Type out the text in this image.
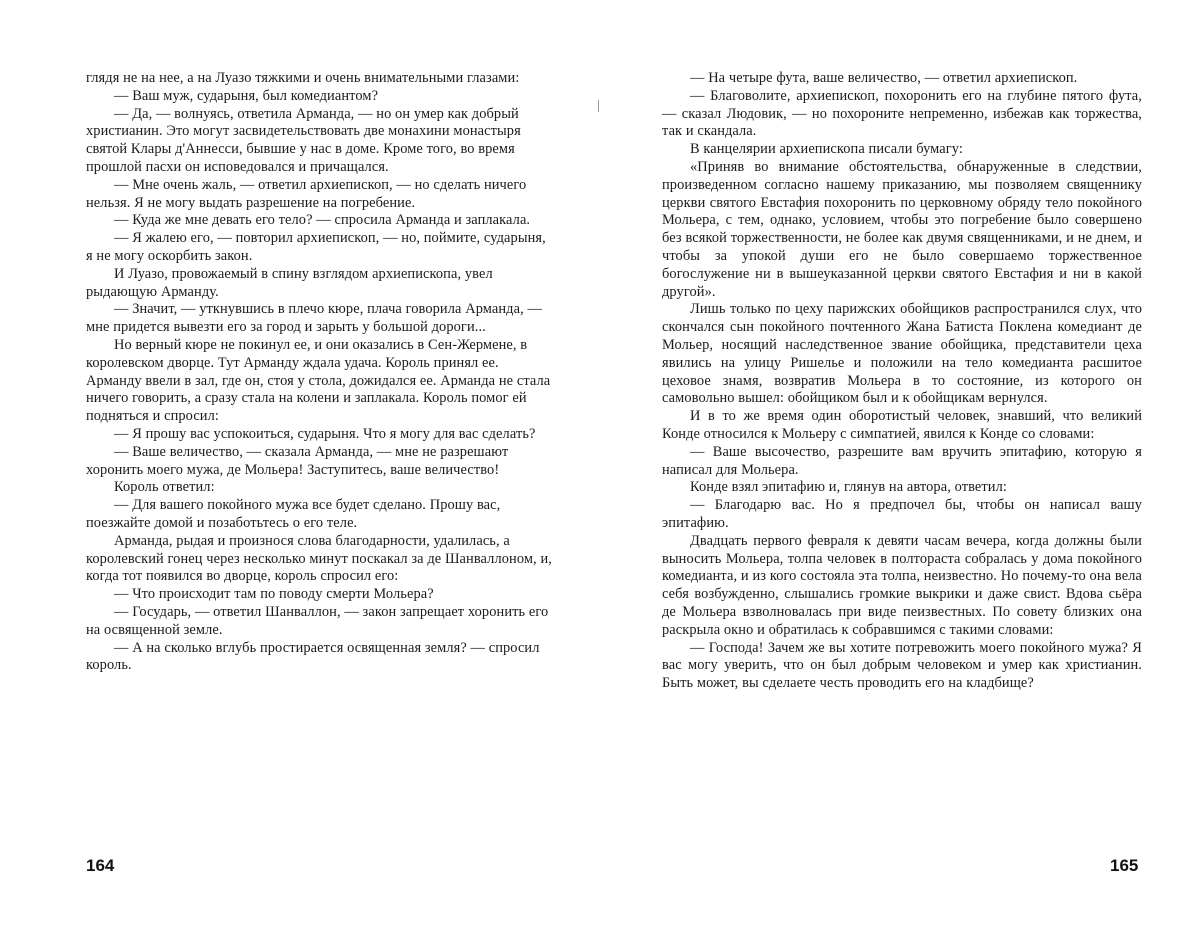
глядя не на нее, а на Луазо тяжкими и очень внимательными глазами:

— Ваш муж, сударыня, был комедиантом?

— Да, — волнуясь, ответила Арманда, — но он умер как добрый христианин. Это могут засвидетельствовать две монахини монастыря святой Клары д'Аннесси, бывшие у нас в доме. Кроме того, во время прошлой пасхи он исповедовался и причащался.

— Мне очень жаль, — ответил архиепископ, — но сделать ничего нельзя. Я не могу выдать разрешение на погребение.

— Куда же мне девать его тело? — спросила Арманда и заплакала.

— Я жалею его, — повторил архиепископ, — но, поймите, сударыня, я не могу оскорбить закон.

И Луазо, провожаемый в спину взглядом архиепископа, увел рыдающую Арманду.

— Значит, — уткнувшись в плечо кюре, плача говорила Арманда, — мне придется вывезти его за город и зарыть у большой дороги...

Но верный кюре не покинул ее, и они оказались в Сен-Жермене, в королевском дворце. Тут Арманду ждала удача. Король принял ее. Арманду ввели в зал, где он, стоя у стола, дожидался ее. Арманда не стала ничего говорить, а сразу стала на колени и заплакала. Король помог ей подняться и спросил:

— Я прошу вас успокоиться, сударыня. Что я могу для вас сделать?

— Ваше величество, — сказала Арманда, — мне не разрешают хоронить моего мужа, де Мольера! Заступитесь, ваше величество!

Король ответил:

— Для вашего покойного мужа все будет сделано. Прошу вас, поезжайте домой и позаботьтесь о его теле.

Арманда, рыдая и произнося слова благодарности, удалилась, а королевский гонец через несколько минут поскакал за де Шанваллоном, и, когда тот появился во дворце, король спросил его:

— Что происходит там по поводу смерти Мольера?

— Государь, — ответил Шанваллон, — закон запрещает хоронить его на освященной земле.

— А на сколько вглубь простирается освященная земля? — спросил король.

— На четыре фута, ваше величество, — ответил архиепископ.

— Благоволите, архиепископ, похоронить его на глубине пятого фута, — сказал Людовик, — но похороните непременно, избежав как торжества, так и скандала.

В канцелярии архиепископа писали бумагу:

«Приняв во внимание обстоятельства, обнаруженные в следствии, произведенном согласно нашему приказанию, мы позволяем священнику церкви святого Евстафия похоронить по церковному обряду тело покойного Мольера, с тем, однако, условием, чтобы это погребение было совершено без всякой торжественности, не более как двумя священниками, и не днем, и чтобы за упокой души его не было совершаемо торжественное богослужение ни в вышеуказанной церкви святого Евстафия и ни в какой другой».

Лишь только по цеху парижских обойщиков распространился слух, что скончался сын покойного почтенного Жана Батиста Поклена комедиант де Мольер, носящий наследственное звание обойщика, представители цеха явились на улицу Ришелье и положили на тело комедианта расшитое цеховое знамя, возвратив Мольера в то состояние, из которого он самовольно вышел: обойщиком был и к обойщикам вернулся.

И в то же время один оборотистый человек, знавший, что великий Конде относился к Мольеру с симпатией, явился к Конде со словами:

— Ваше высочество, разрешите вам вручить эпитафию, которую я написал для Мольера.

Конде взял эпитафию и, глянув на автора, ответил:

— Благодарю вас. Но я предпочел бы, чтобы он написал вашу эпитафию.

Двадцать первого февраля к девяти часам вечера, когда должны были выносить Мольера, толпа человек в полтораста собралась у дома покойного комедианта, и из кого состояла эта толпа, неизвестно. Но почему-то она вела себя возбужденно, слышались громкие выкрики и даже свист. Вдова сьёра де Мольера взволновалась при виде пеизвестных. По совету близких она раскрыла окно и обратилась к собравшимся с такими словами:

— Господа! Зачем же вы хотите потревожить моего покойного мужа? Я вас могу уверить, что он был добрым человеком и умер как христианин. Быть может, вы сделаете честь проводить его на кладбище?

164	165
